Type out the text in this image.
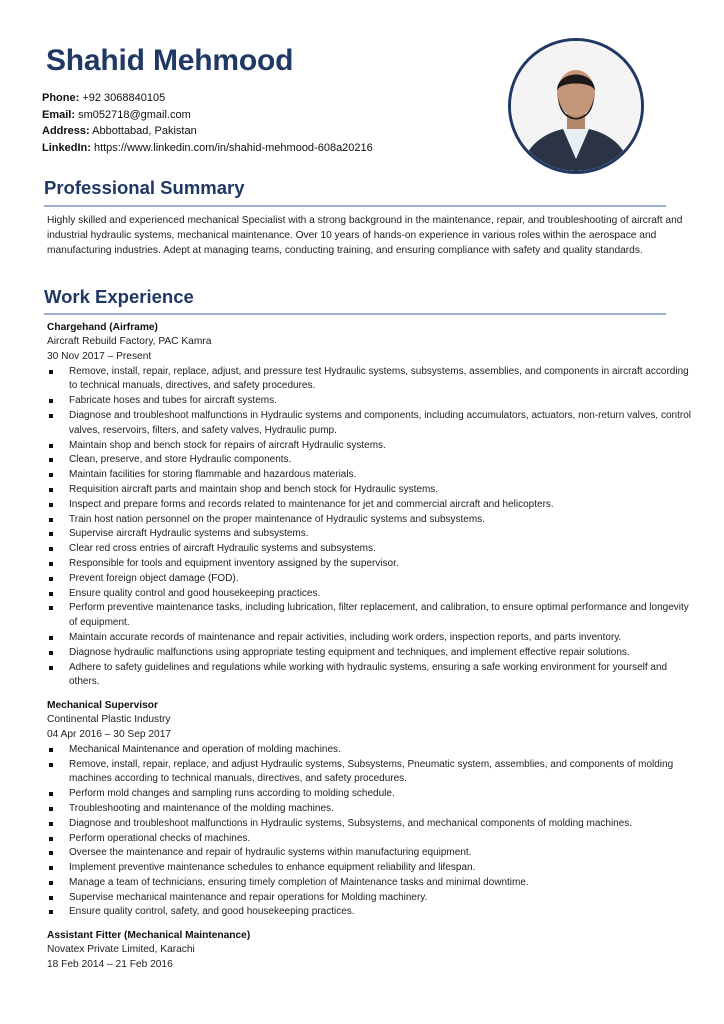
Shahid Mehmood
Phone: +92 3068840105
Email: sm052718@gmail.com
Address: Abbottabad, Pakistan
LinkedIn: https://www.linkedin.com/in/shahid-mehmood-608a20216
Professional Summary

Highly skilled and experienced mechanical Specialist with a strong background in the maintenance, repair, and troubleshooting of aircraft and industrial hydraulic systems, mechanical maintenance. Over 10 years of hands-on experience in various roles within the aerospace and manufacturing industries. Adept at managing teams, conducting training, and ensuring compliance with safety and quality standards.

Work Experience
Chargehand (Airframe)
Aircraft Rebuild Factory, PAC Kamra
30 Nov 2017 – Present
Remove, install, repair, replace, adjust, and pressure test Hydraulic systems, subsystems, assemblies, and components in aircraft according to technical manuals, directives, and safety procedures.
Fabricate hoses and tubes for aircraft systems.
Diagnose and troubleshoot malfunctions in Hydraulic systems and components, including accumulators, actuators, non-return valves, control valves, reservoirs, filters, and safety valves, Hydraulic pump.
Maintain shop and bench stock for repairs of aircraft Hydraulic systems.
Clean, preserve, and store Hydraulic components.
Maintain facilities for storing flammable and hazardous materials.
Requisition aircraft parts and maintain shop and bench stock for Hydraulic systems.
Inspect and prepare forms and records related to maintenance for jet and commercial aircraft and helicopters.
Train host nation personnel on the proper maintenance of Hydraulic systems and subsystems.
Supervise aircraft Hydraulic systems and subsystems.
Clear red cross entries of aircraft Hydraulic systems and subsystems.
Responsible for tools and equipment inventory assigned by the supervisor.
Prevent foreign object damage (FOD).
Ensure quality control and good housekeeping practices.
Perform preventive maintenance tasks, including lubrication, filter replacement, and calibration, to ensure optimal performance and longevity of equipment.
Maintain accurate records of maintenance and repair activities, including work orders, inspection reports, and parts inventory.
Diagnose hydraulic malfunctions using appropriate testing equipment and techniques, and implement effective repair solutions.
Adhere to safety guidelines and regulations while working with hydraulic systems, ensuring a safe working environment for yourself and others.
Mechanical Supervisor
Continental Plastic Industry
04 Apr 2016 – 30 Sep 2017
Mechanical Maintenance and operation of molding machines.
Remove, install, repair, replace, and adjust Hydraulic systems, Subsystems, Pneumatic system, assemblies, and components of molding machines according to technical manuals, directives, and safety procedures.
Perform mold changes and sampling runs according to molding schedule.
Troubleshooting and maintenance of the molding machines.
Diagnose and troubleshoot malfunctions in Hydraulic systems, Subsystems, and mechanical components of molding machines.
Perform operational checks of machines.
Oversee the maintenance and repair of hydraulic systems within manufacturing equipment.
Implement preventive maintenance schedules to enhance equipment reliability and lifespan.
Manage a team of technicians, ensuring timely completion of Maintenance tasks and minimal downtime.
Supervise mechanical maintenance and repair operations for Molding machinery.
Ensure quality control, safety, and good housekeeping practices.
Assistant Fitter (Mechanical Maintenance)
Novatex Private Limited, Karachi
18 Feb 2014 – 21 Feb 2016
